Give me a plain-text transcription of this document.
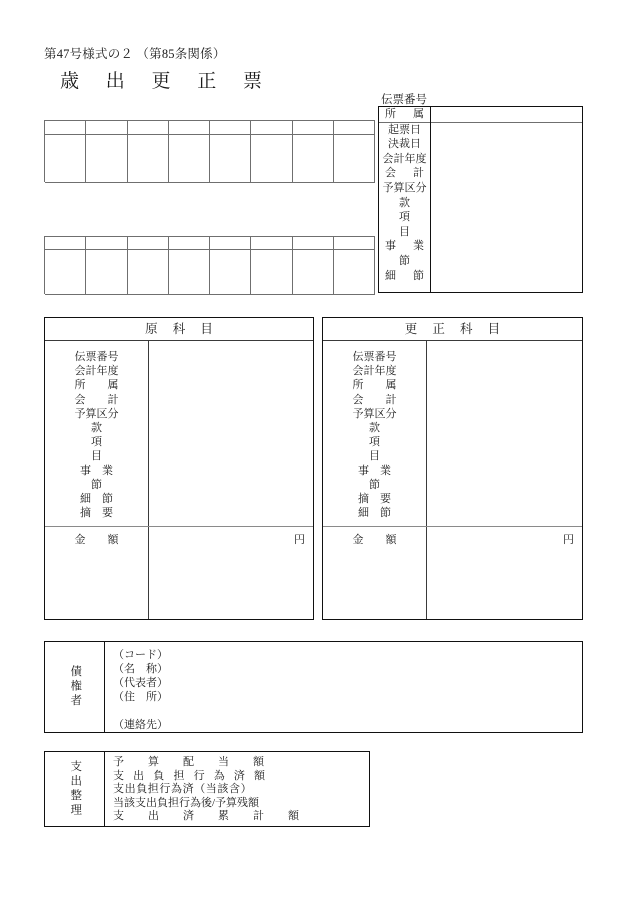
第47号様式の２ （第85条関係）
歳 出 更 正 票
伝票番号
所　属
起票日
決裁日
会計年度
会　計
予算区分
款
項
目
事　業
節
細　節
原 科 目
伝票番号
会計年度
所　　属
会　　計
予算区分
款
項
目
事　業
節
細　節
摘　要
金　　額	円
更 正 科 目
伝票番号
会計年度
所　　属
会　　計
予算区分
款
項
目
事　業
節
摘　要
細　節
金　　額	円
債権者
（コード）
（名　称）
（代表者）
（住　所）
（連絡先）
支出整理	予　算　配　当　額
支 出 負 担 行 為 済 額
支出負担行為済（当該含）
当該支出負担行為後/予算残額
支　出　済　累　計　額
